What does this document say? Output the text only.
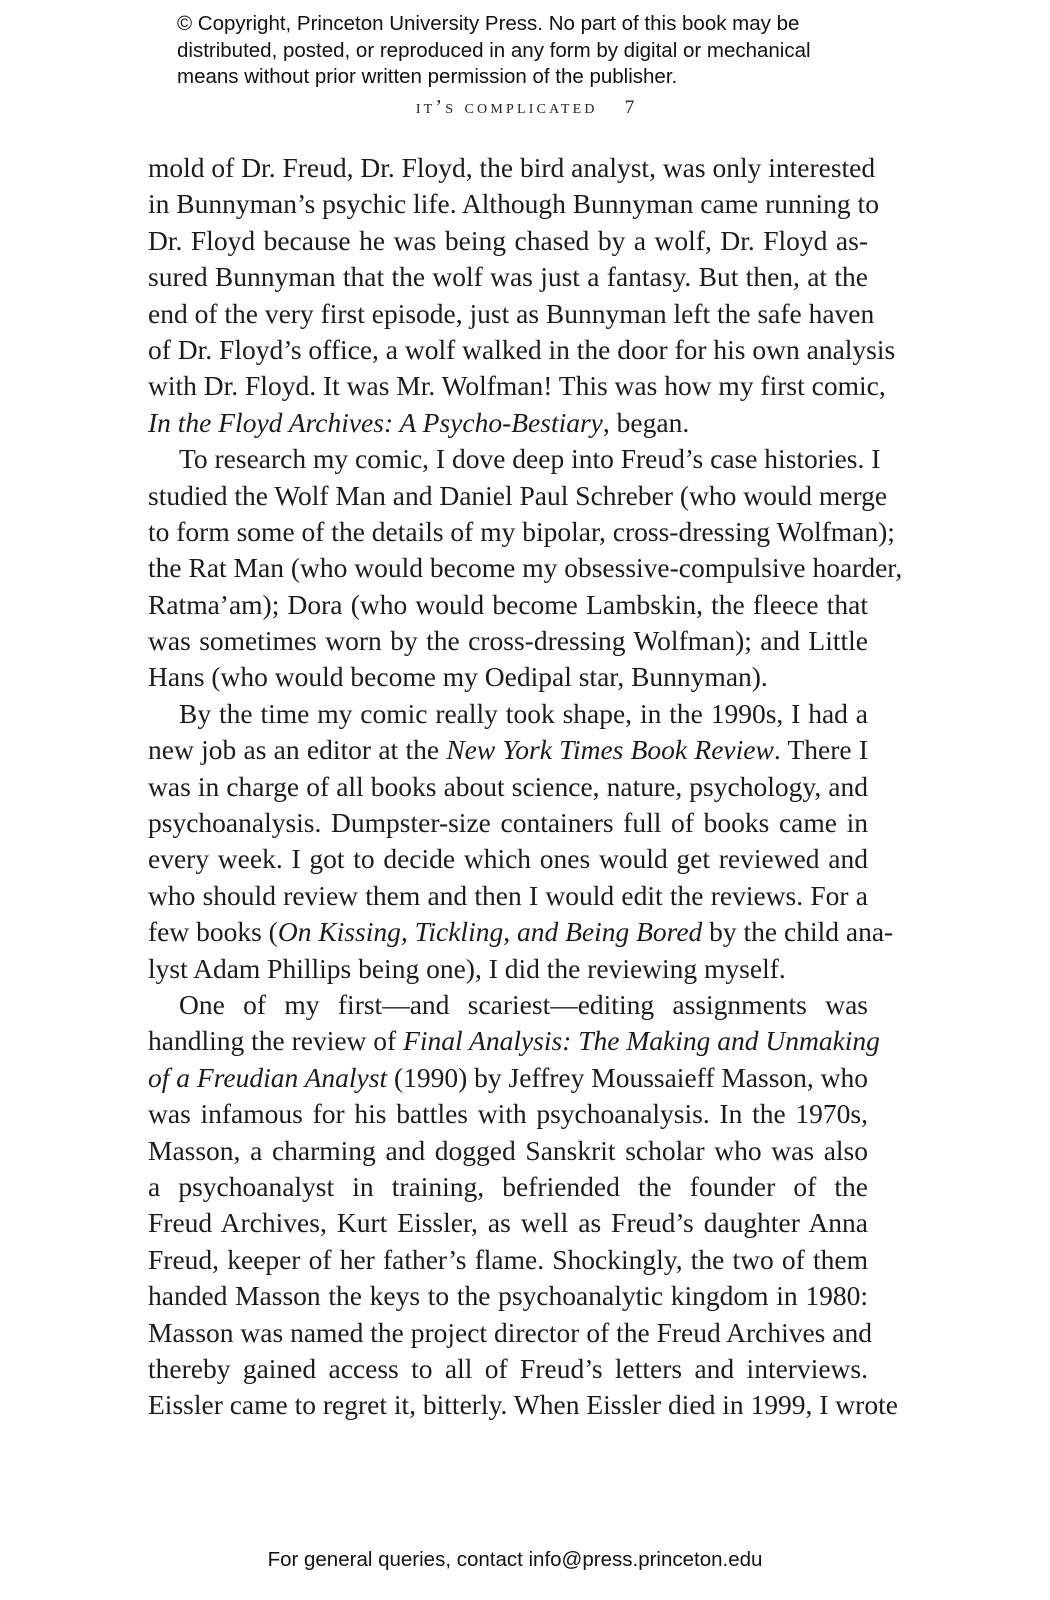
© Copyright, Princeton University Press. No part of this book may be
distributed, posted, or reproduced in any form by digital or mechanical
means without prior written permission of the publisher.
it’s complicated 7
mold of Dr. Freud, Dr. Floyd, the bird analyst, was only interested
in Bunnyman’s psychic life. Although Bunnyman came running to
Dr. Floyd because he was being chased by a wolf, Dr. Floyd as-
sured Bunnyman that the wolf was just a fantasy. But then, at the
end of the very first episode, just as Bunnyman left the safe haven
of Dr. Floyd’s office, a wolf walked in the door for his own analysis
with Dr. Floyd. It was Mr. Wolfman! This was how my first comic,
In the Floyd Archives: A Psycho-Bestiary, began.
To research my comic, I dove deep into Freud’s case histories. I
studied the Wolf Man and Daniel Paul Schreber (who would merge
to form some of the details of my bipolar, cross-dressing Wolfman);
the Rat Man (who would become my obsessive-compulsive hoarder,
Ratma’am); Dora (who would become Lambskin, the fleece that
was sometimes worn by the cross-dressing Wolfman); and Little
Hans (who would become my Oedipal star, Bunnyman).
By the time my comic really took shape, in the 1990s, I had a
new job as an editor at the New York Times Book Review. There I
was in charge of all books about science, nature, psychology, and
psychoanalysis. Dumpster-size containers full of books came in
every week. I got to decide which ones would get reviewed and
who should review them and then I would edit the reviews. For a
few books (On Kissing, Tickling, and Being Bored by the child ana-
lyst Adam Phillips being one), I did the reviewing myself.
One of my first—and scariest—editing assignments was
handling the review of Final Analysis: The Making and Unmaking
of a Freudian Analyst (1990) by Jeffrey Moussaieff Masson, who
was infamous for his battles with psychoanalysis. In the 1970s,
Masson, a charming and dogged Sanskrit scholar who was also
a psychoanalyst in training, befriended the founder of the
Freud Archives, Kurt Eissler, as well as Freud’s daughter Anna
Freud, keeper of her father’s flame. Shockingly, the two of them
handed Masson the keys to the psychoanalytic kingdom in 1980:
Masson was named the project director of the Freud Archives and
thereby gained access to all of Freud’s letters and interviews.
Eissler came to regret it, bitterly. When Eissler died in 1999, I wrote
For general queries, contact info@press.princeton.edu
